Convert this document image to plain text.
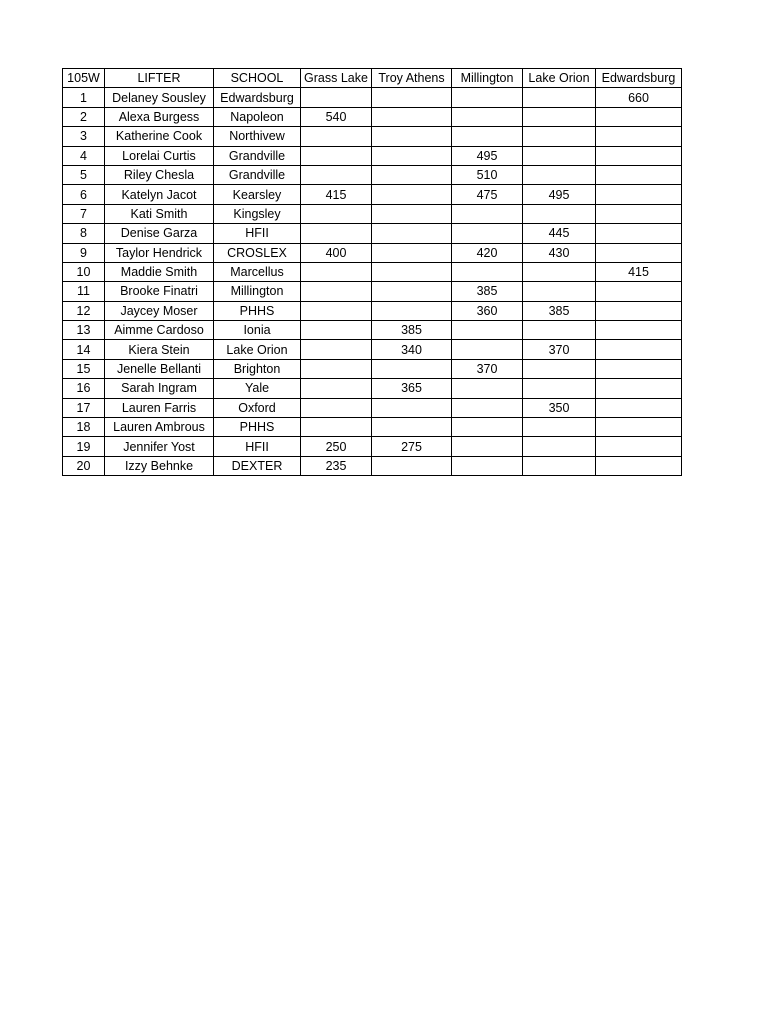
105W	LIFTER	SCHOOL	Grass Lake	Troy Athens	Millington	Lake Orion	Edwardsburg
1	Delaney Sousley	Edwardsburg					660
2	Alexa Burgess	Napoleon	540				
3	Katherine Cook	Northivew					
4	Lorelai Curtis	Grandville			495		
5	Riley Chesla	Grandville			510		
6	Katelyn Jacot	Kearsley	415		475	495	
7	Kati Smith	Kingsley					
8	Denise Garza	HFII				445	
9	Taylor Hendrick	CROSLEX	400		420	430	
10	Maddie Smith	Marcellus					415
11	Brooke Finatri	Millington			385		
12	Jaycey Moser	PHHS			360	385	
13	Aimme Cardoso	Ionia		385			
14	Kiera Stein	Lake Orion		340		370	
15	Jenelle Bellanti	Brighton			370		
16	Sarah Ingram	Yale		365			
17	Lauren Farris	Oxford				350	
18	Lauren Ambrous	PHHS					
19	Jennifer Yost	HFII	250	275			
20	Izzy Behnke	DEXTER	235				
